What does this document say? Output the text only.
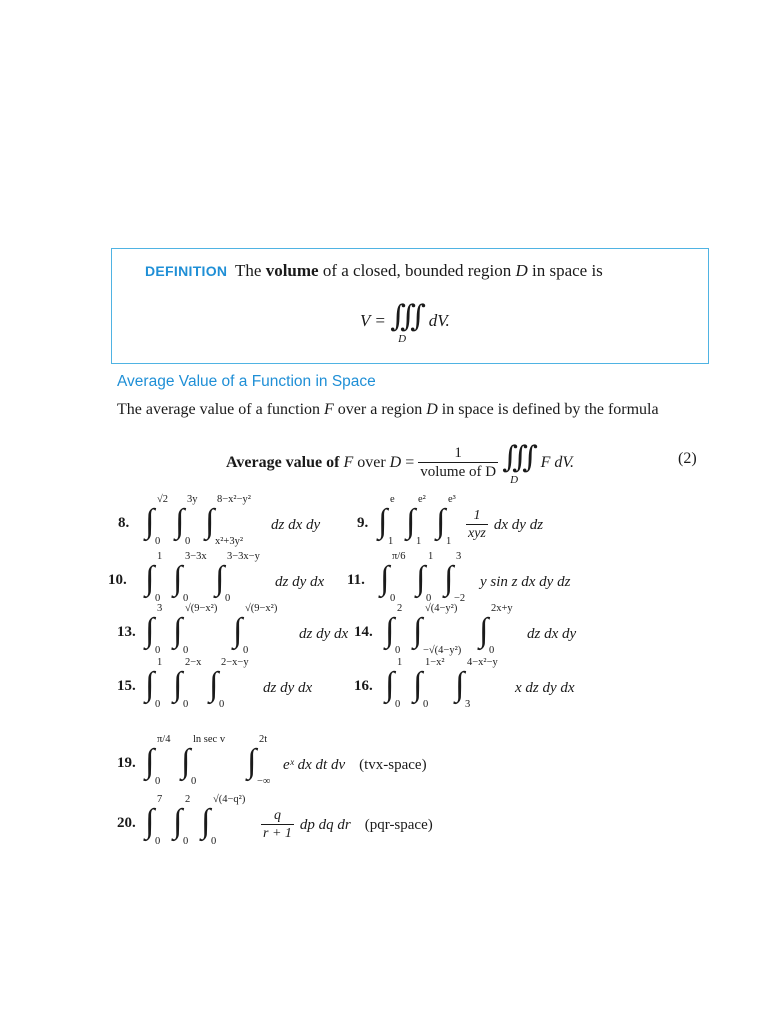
DEFINITION The volume of a closed, bounded region D in space is
V = ∭
D
dV.
Average Value of a Function in Space
The average value of a function F over a region D in space is defined by the formula
Average value of F over $D = \frac{1}{\text{volume of D}}$ ∭
D
F dV.	(2)
8. ∫
√2
0
∫
3y
0
∫
8−x²−y²
x²+3y²
dz dx dy 9. ∫
e
1
∫
e²
1
∫
e³
$1 \frac{1}{\text{xyz}}$ dx dy dz
10. ∫
1
0
∫
3−3x
0
∫
3−3x−y
0
dz dy dx 11. ∫
π/6
0
∫
1
0
∫
3
−2
y sin z dx dy dz
13. ∫
3
0
∫
√(9−x²)
0
∫
√(9−x²)
0
dz dy dx 14. ∫
2
0
∫
√(4−y²)
−√(4−y²)
∫
2x+y
0
dz dx dy
15. ∫
1
0
∫
2−x
0
∫
2−x−y
0
dz dy dx	16. ∫
1
0
∫
1−x²
0
∫
4−x²−y
3
x dz dy dx
19. ∫
π/4
0
∫
ln sec v
0
∫
2t
−∞
eˣ dx dt dv (tvx-space)
20. ∫
7
0
∫
2
0
∫
√(4−q²)
0	$\frac{q}{r + 1}$ dp dq dr (pqr-space)
